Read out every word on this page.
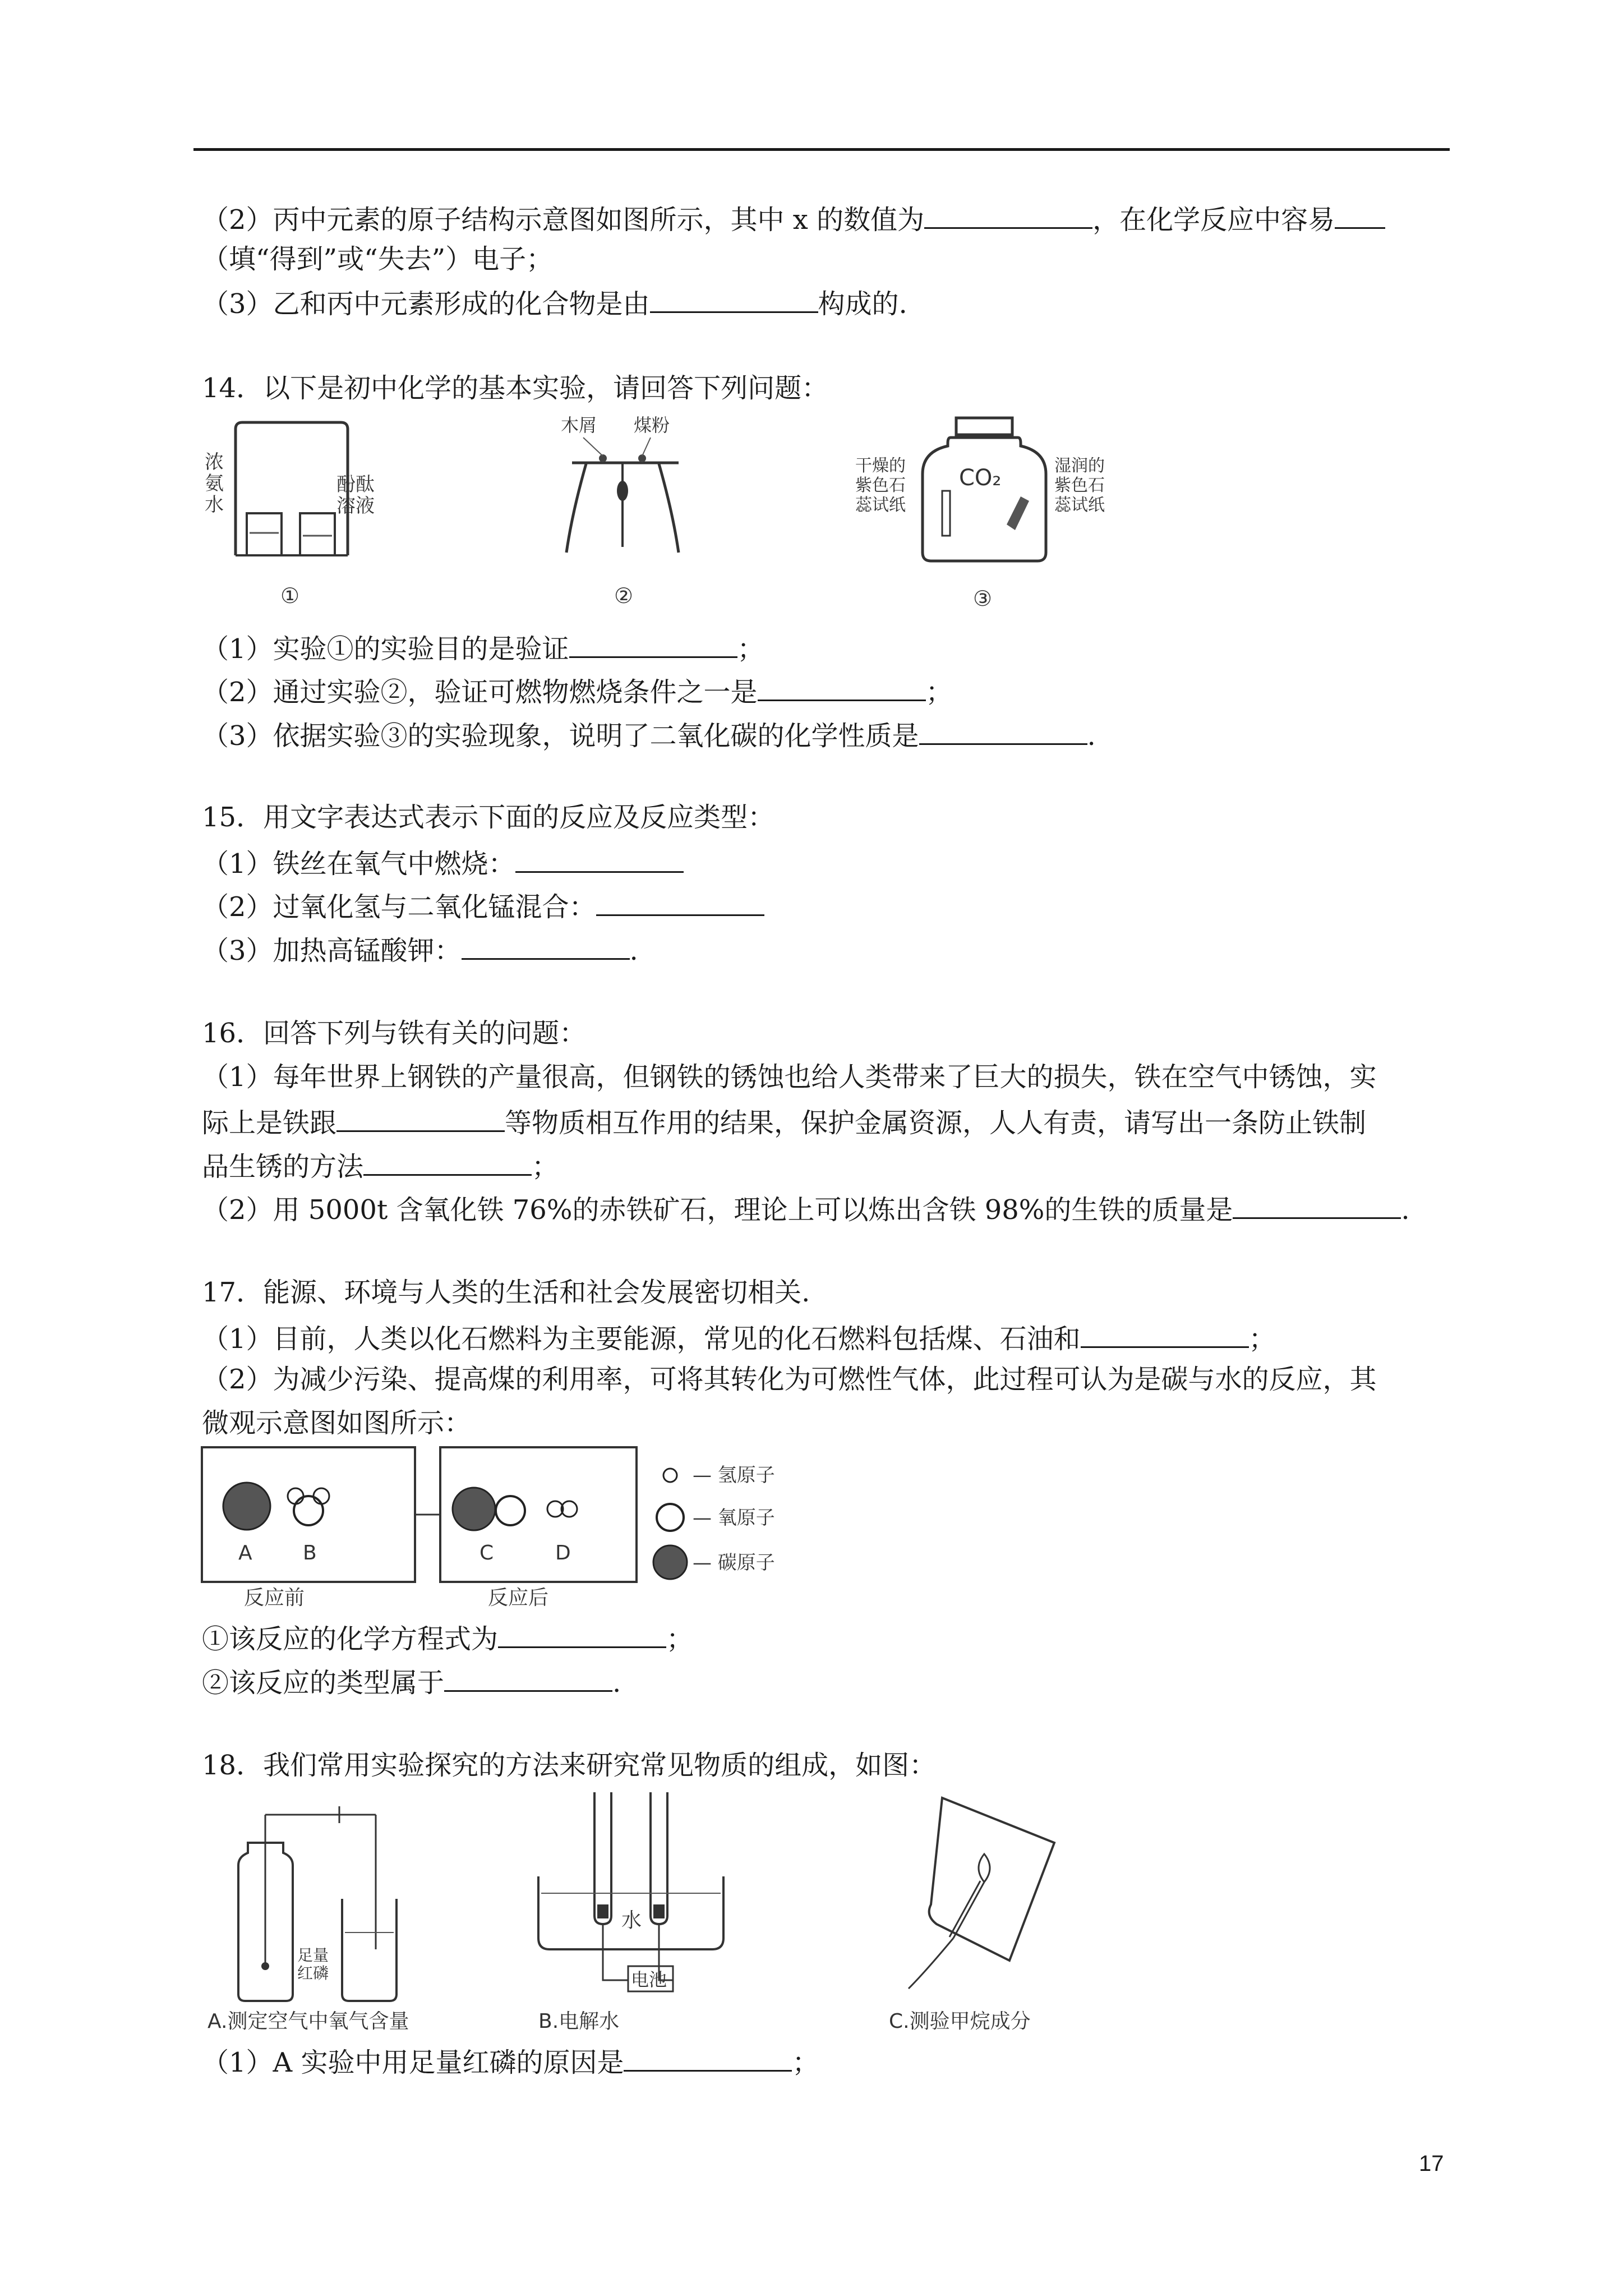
（2）丙中元素的原子结构示意图如图所示，其中 x 的数值为	，在化学反应中容易
（填“得到”或“失去”）电子；
（3）乙和丙中元素形成的化合物是由	构成的.
14．以下是初中化学的基本实验，请回答下列问题：
浓
氨
水
酚酞
溶液
①
木屑 煤粉
②
CO₂
干燥的
紫色石
蕊试纸
湿润的
紫色石
蕊试纸
③
（1）实验①的实验目的是验证	；
（2）通过实验②，验证可燃物燃烧条件之一是	；
（3）依据实验③的实验现象，说明了二氧化碳的化学性质是	.
15．用文字表达式表示下面的反应及反应类型：
（1）铁丝在氧气中燃烧：
（2）过氧化氢与二氧化锰混合：
（3）加热高锰酸钾：	.
16．回答下列与铁有关的问题：
（1）每年世界上钢铁的产量很高，但钢铁的锈蚀也给人类带来了巨大的损失，铁在空气中锈蚀，实
际上是铁跟	等物质相互作用的结果，保护金属资源，人人有责，请写出一条防止铁制
品生锈的方法	；
（2）用 5000t 含氧化铁 76%的赤铁矿石，理论上可以炼出含铁 98%的生铁的质量是	.
17．能源、环境与人类的生活和社会发展密切相关.
（1）目前，人类以化石燃料为主要能源，常见的化石燃料包括煤、石油和	；
（2）为减少污染、提高煤的利用率，可将其转化为可燃性气体，此过程可认为是碳与水的反应，其
微观示意图如图所示：
A	B	C	D
反应前	反应后
— 氢原子
— 氧原子
— 碳原子
①该反应的化学方程式为	；
②该反应的类型属于	.
18．我们常用实验探究的方法来研究常见物质的组成，如图：
足量
红磷
A.测定空气中氧气含量
水
电池
B.电解水	C.测验甲烷成分
（1）A 实验中用足量红磷的原因是	；
17
